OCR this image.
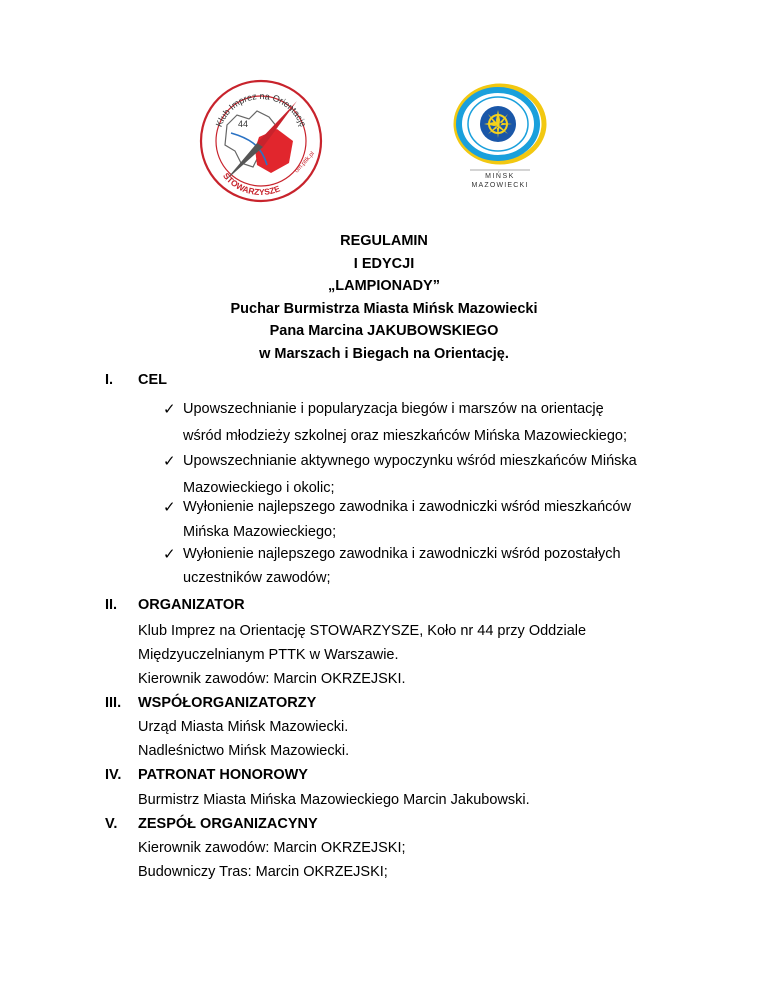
44
Klub Imprez na Orientację
STOWARZYSZE
om.pttk.pl
MIŃSK
MAZOWIECKI
REGULAMIN
I EDYCJI
„LAMPIONADY”
Puchar Burmistrza Miasta Mińsk Mazowiecki
Pana Marcina JAKUBOWSKIEGO
w Marszach i Biegach na Orientację.
I. CEL
✓ Upowszechnianie i popularyzacja biegów i marszów na orientację
wśród młodzieży szkolnej oraz mieszkańców Mińska Mazowieckiego;
✓ Upowszechnianie aktywnego wypoczynku wśród mieszkańców Mińska
Mazowieckiego i okolic;
✓ Wyłonienie najlepszego zawodnika i zawodniczki wśród mieszkańców
Mińska Mazowieckiego;
✓ Wyłonienie najlepszego zawodnika i zawodniczki wśród pozostałych
uczestników zawodów;
II. ORGANIZATOR
Klub Imprez na Orientację STOWARZYSZE, Koło nr 44 przy Oddziale
Międzyuczelnianym PTTK w Warszawie.
Kierownik zawodów: Marcin OKRZEJSKI.
III. WSPÓŁORGANIZATORZY
Urząd Miasta Mińsk Mazowiecki.
Nadleśnictwo Mińsk Mazowiecki.
IV. PATRONAT HONOROWY
Burmistrz Miasta Mińska Mazowieckiego Marcin Jakubowski.
V. ZESPÓŁ ORGANIZACYNY
Kierownik zawodów: Marcin OKRZEJSKI;
Budowniczy Tras: Marcin OKRZEJSKI;
